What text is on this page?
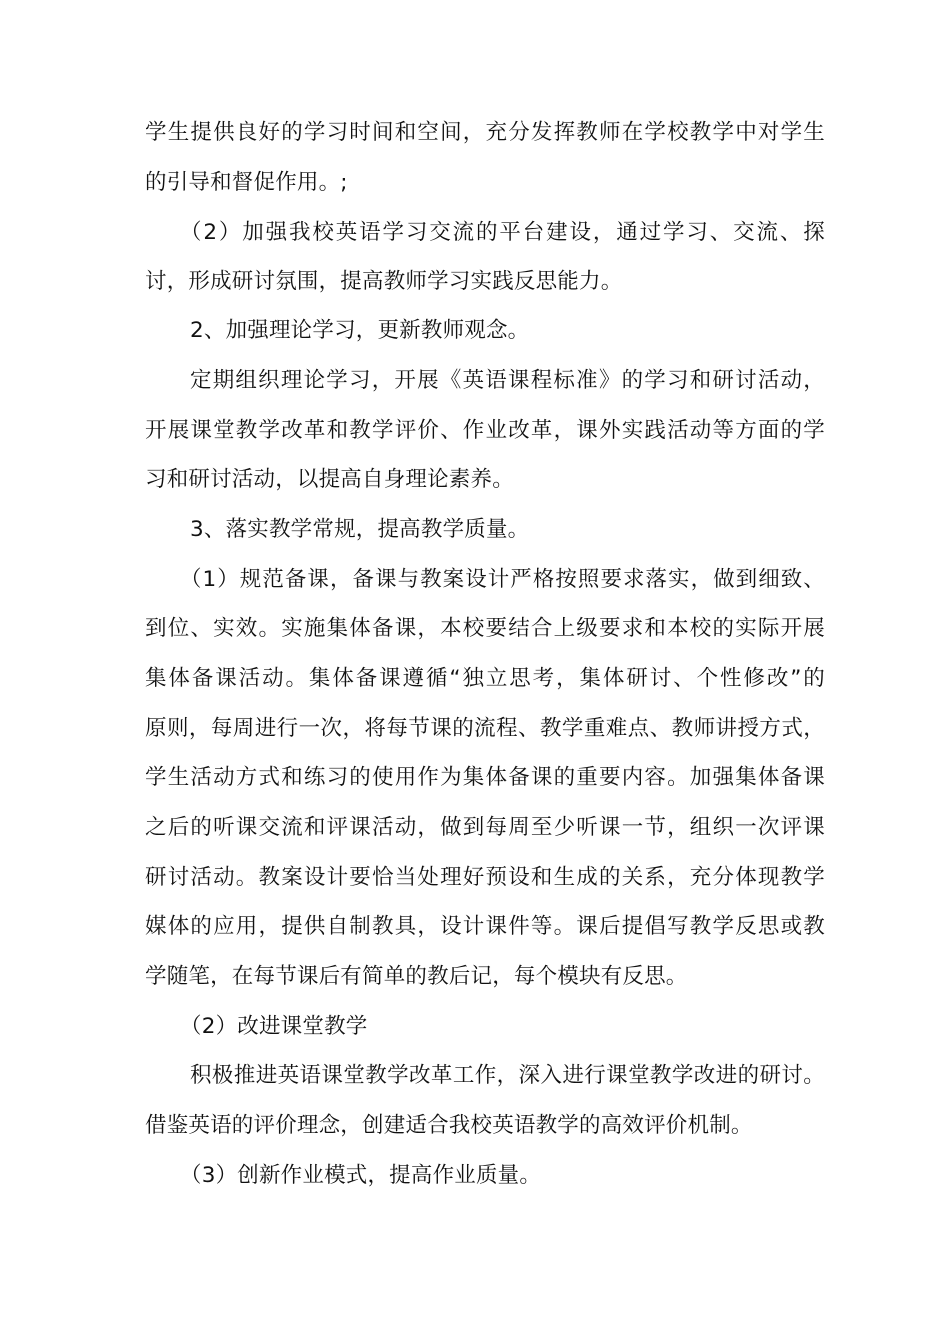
学生提供良好的学习时间和空间，充分发挥教师在学校教学中对学生
的引导和督促作用。;
（2）加强我校英语学习交流的平台建设，通过学习、交流、探
讨，形成研讨氛围，提高教师学习实践反思能力。
2、加强理论学习，更新教师观念。
定期组织理论学习，开展《英语课程标准》的学习和研讨活动，
开展课堂教学改革和教学评价、作业改革，课外实践活动等方面的学
习和研讨活动，以提高自身理论素养。
3、落实教学常规，提高教学质量。
（1）规范备课，备课与教案设计严格按照要求落实，做到细致、
到位、实效。实施集体备课，本校要结合上级要求和本校的实际开展
集体备课活动。集体备课遵循“独立思考，集体研讨、个性修改”的
原则，每周进行一次，将每节课的流程、教学重难点、教师讲授方式，
学生活动方式和练习的使用作为集体备课的重要内容。加强集体备课
之后的听课交流和评课活动，做到每周至少听课一节，组织一次评课
研讨活动。教案设计要恰当处理好预设和生成的关系，充分体现教学
媒体的应用，提供自制教具，设计课件等。课后提倡写教学反思或教
学随笔，在每节课后有简单的教后记，每个模块有反思。
（2）改进课堂教学
积极推进英语课堂教学改革工作，深入进行课堂教学改进的研讨。
借鉴英语的评价理念，创建适合我校英语教学的高效评价机制。
（3）创新作业模式，提高作业质量。
